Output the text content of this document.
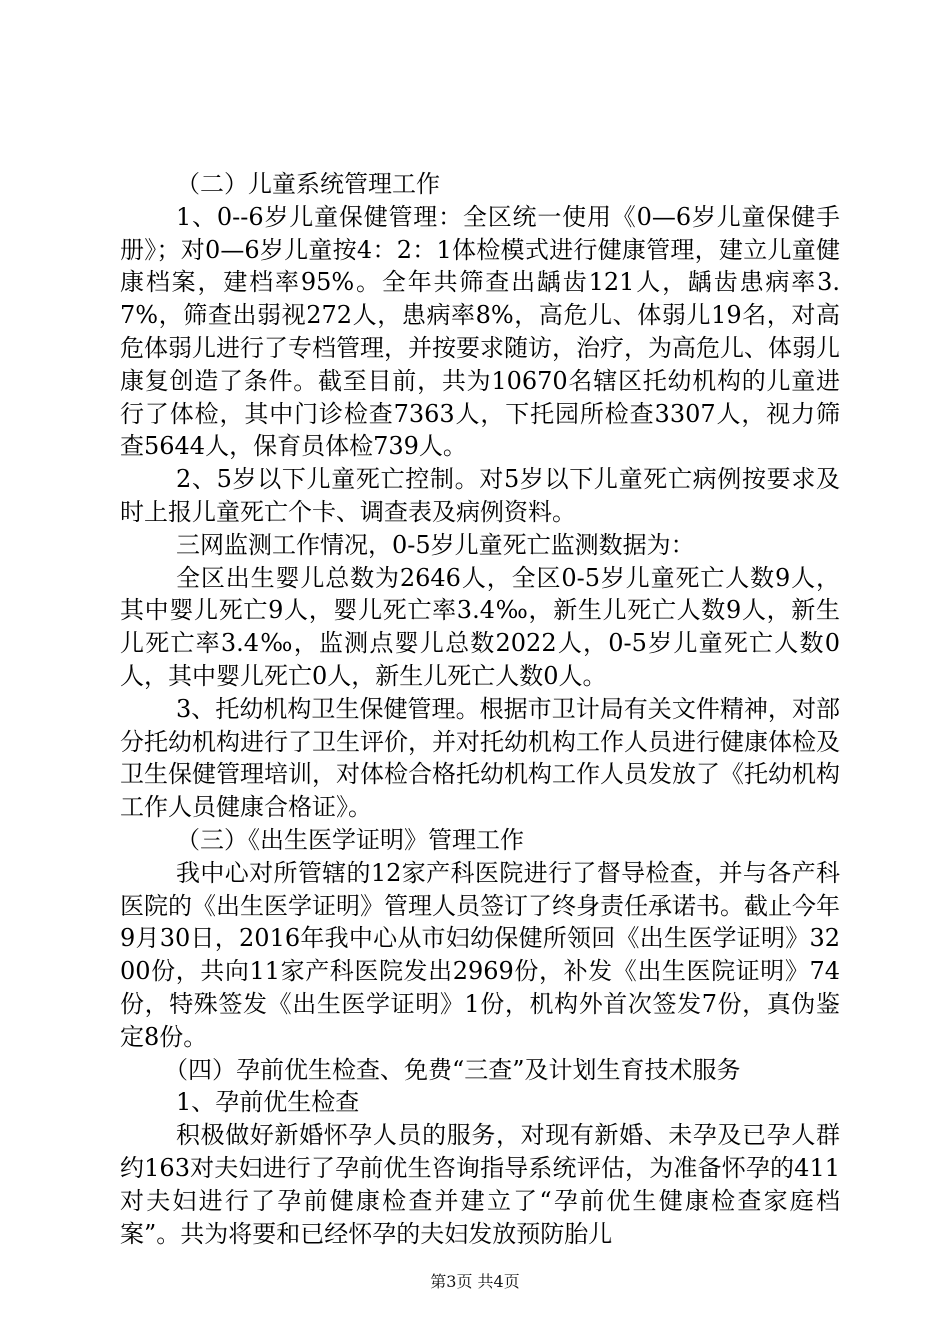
（二）儿童系统管理工作

1、0--6岁儿童保健管理：全区统一使用《0—6岁儿童保健手册》；对0—6岁儿童按4：2：1体检模式进行健康管理，建立儿童健康档案，建档率95%。全年共筛查出龋齿121人，龋齿患病率3.7%，筛查出弱视272人，患病率8%，高危儿、体弱儿19名，对高危体弱儿进行了专档管理，并按要求随访，治疗，为高危儿、体弱儿康复创造了条件。截至目前，共为10670名辖区托幼机构的儿童进行了体检，其中门诊检查7363人，下托园所检查3307人，视力筛查5644人，保育员体检739人。

2、5岁以下儿童死亡控制。对5岁以下儿童死亡病例按要求及时上报儿童死亡个卡、调查表及病例资料。

三网监测工作情况，0-5岁儿童死亡监测数据为：

全区出生婴儿总数为2646人，全区0-5岁儿童死亡人数9人，其中婴儿死亡9人，婴儿死亡率3.4‰，新生儿死亡人数9人，新生儿死亡率3.4‰，监测点婴儿总数2022人，0-5岁儿童死亡人数0人，其中婴儿死亡0人，新生儿死亡人数0人。

3、托幼机构卫生保健管理。根据市卫计局有关文件精神，对部分托幼机构进行了卫生评价，并对托幼机构工作人员进行健康体检及卫生保健管理培训，对体检合格托幼机构工作人员发放了《托幼机构工作人员健康合格证》。

（三）《出生医学证明》管理工作

我中心对所管辖的12家产科医院进行了督导检查，并与各产科医院的《出生医学证明》管理人员签订了终身责任承诺书。截止今年9月30日，2016年我中心从市妇幼保健所领回《出生医学证明》3200份，共向11家产科医院发出2969份，补发《出生医院证明》74份，特殊签发《出生医学证明》1份，机构外首次签发7份，真伪鉴定8份。

（四）孕前优生检查、免费“三查”及计划生育技术服务

1、孕前优生检查

积极做好新婚怀孕人员的服务，对现有新婚、未孕及已孕人群约163对夫妇进行了孕前优生咨询指导系统评估，为准备怀孕的411对夫妇进行了孕前健康检查并建立了“孕前优生健康检查家庭档案”。共为将要和已经怀孕的夫妇发放预防胎儿

第3页 共4页
